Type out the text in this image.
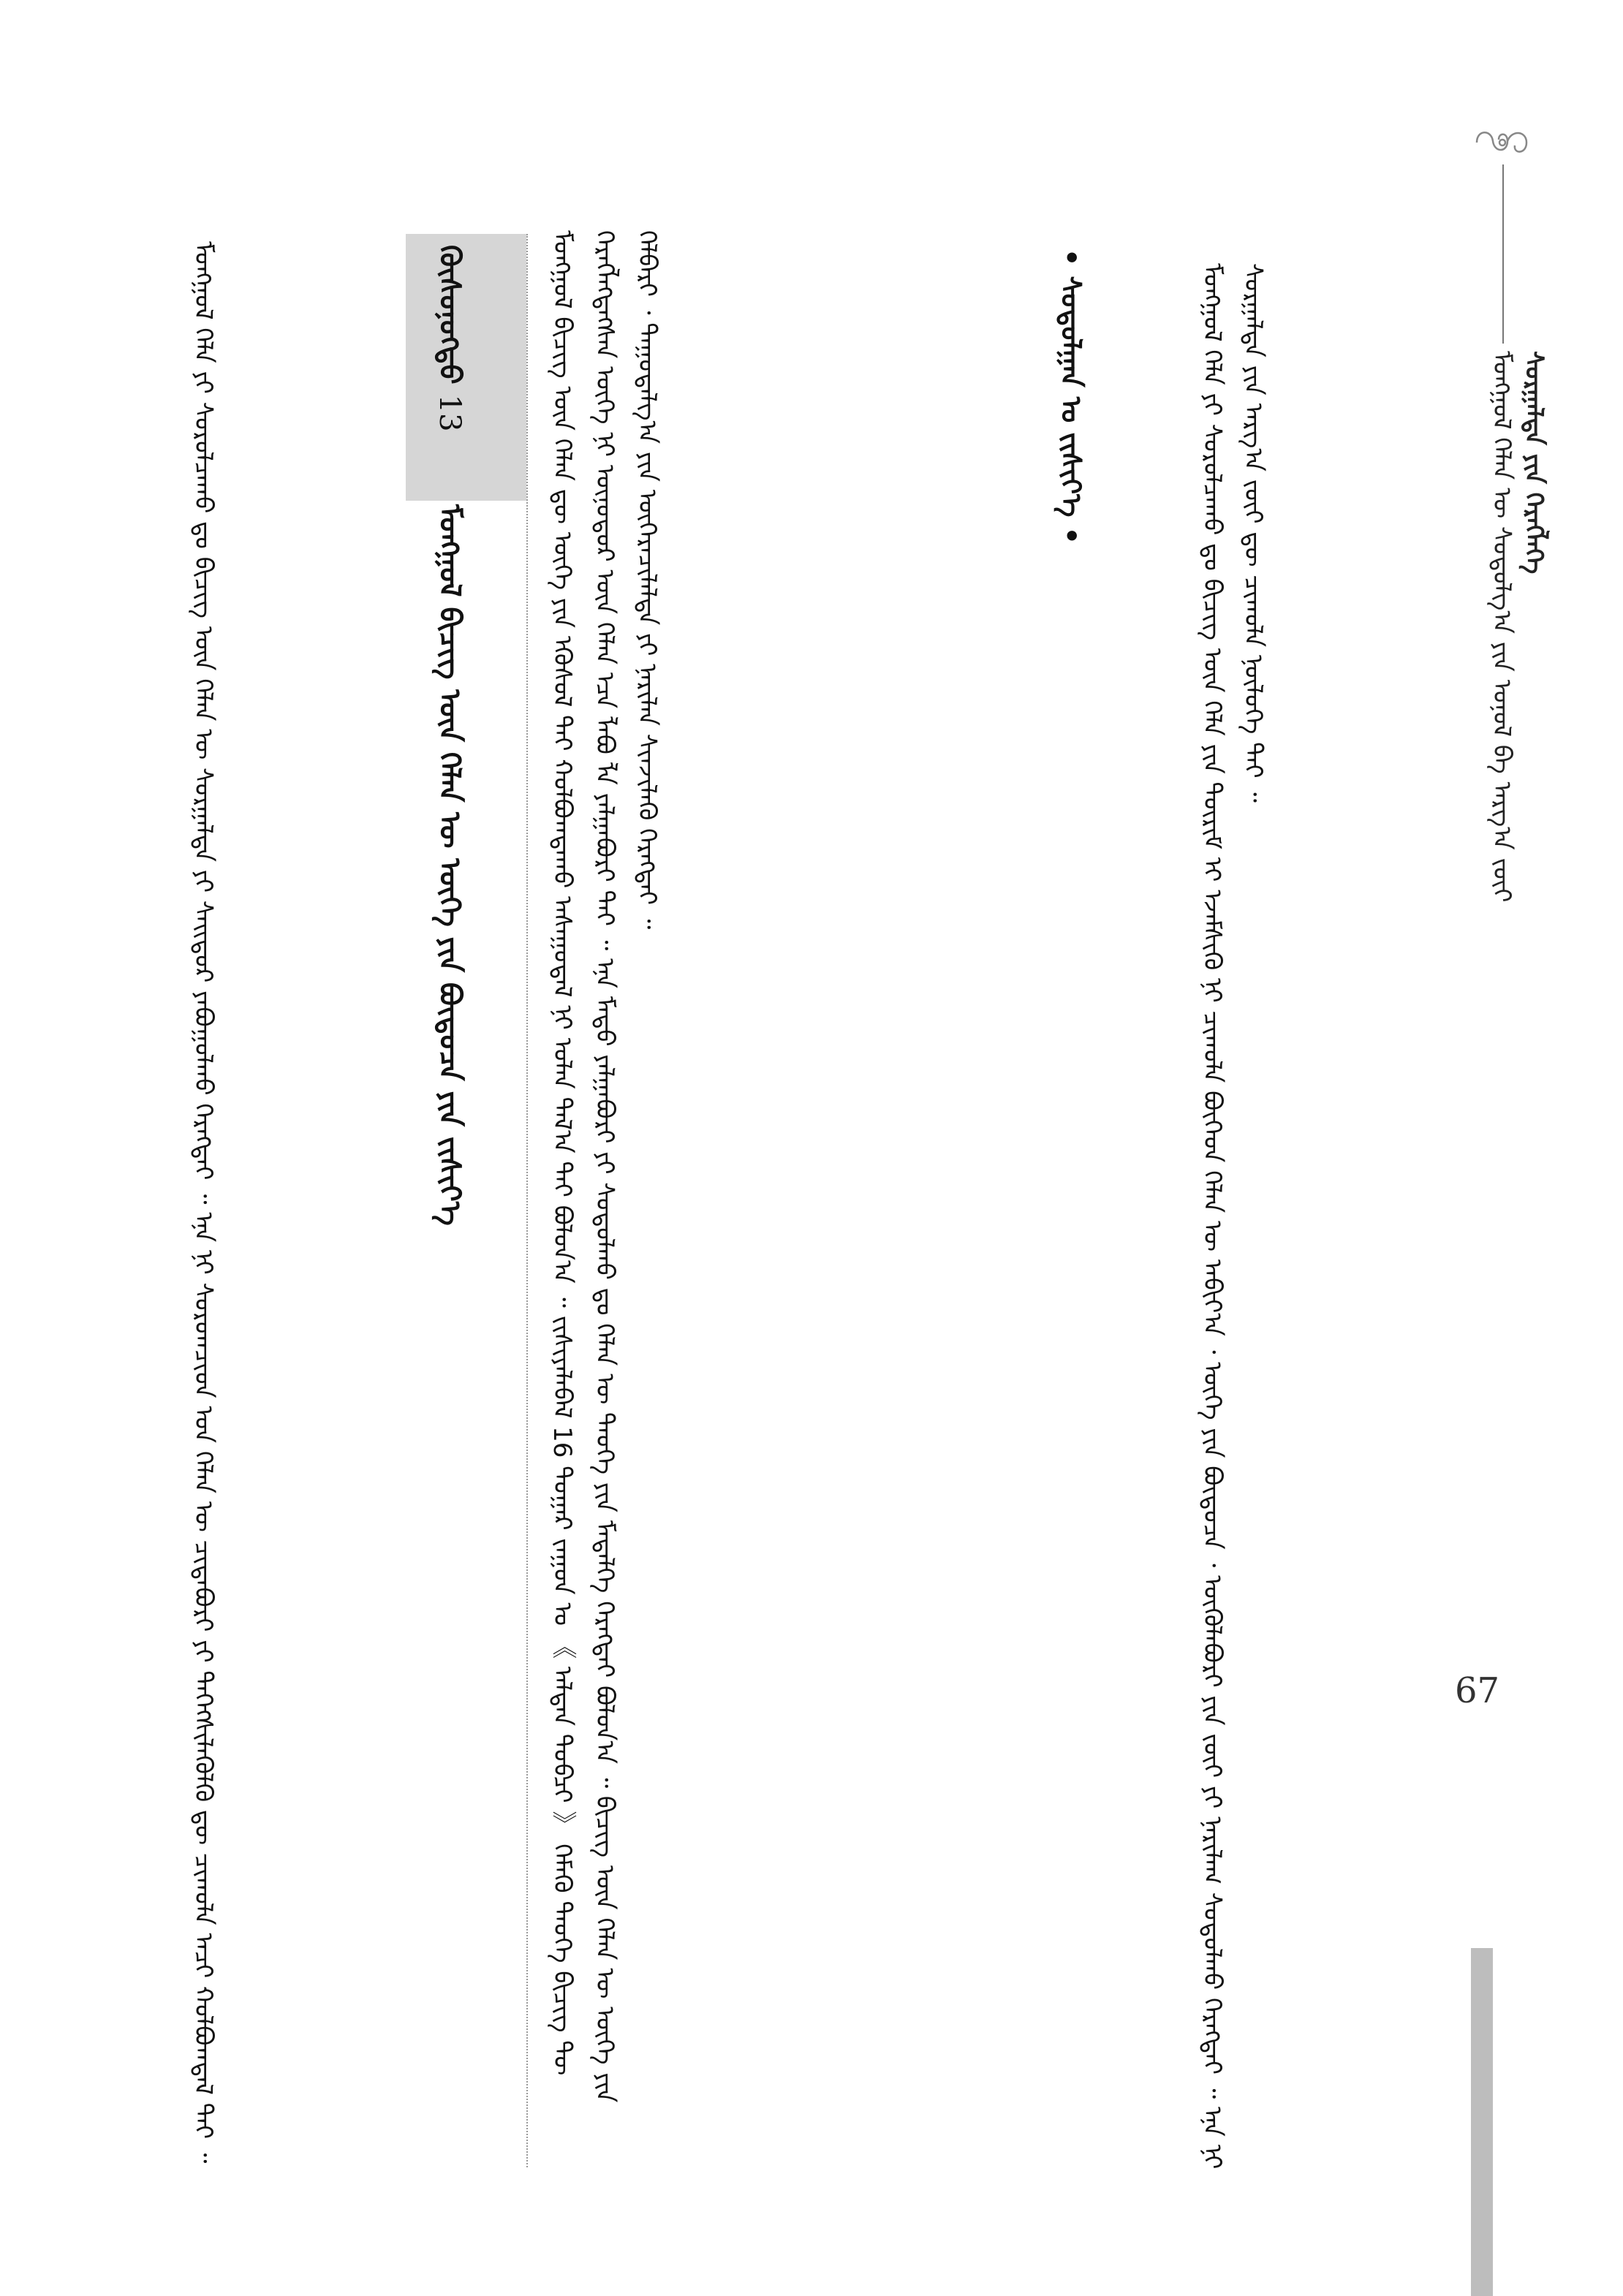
ᠮᠣᠩᠭᠣᠯ ᠬᠡᠯᠡᠨ ᠦ ᠰᠤᠳᠤᠯᠭ᠎ᠠ ᠶᠢᠨ ᠣᠨᠣᠯ ᠪᠠ ᠠᠷᠭ᠎ᠠ ᠵᠦᠢ ᠰᠤᠷᠭᠠᠯᠲᠠ ᠶᠢᠨ ᠬᠡᠷᠡᠭᠯᠡᠭᠡ
ᠮᠣᠩᠭᠣᠯ ᠬᠡᠯᠡ ᠶᠢ ᠰᠤᠷᠤᠯᠴᠠᠬᠤ ᠳᠤ ᠪᠢᠴᠢᠭ ᠦᠨ ᠬᠡᠯᠡ ᠶᠢᠨ ᠳᠦᠷᠢᠮ ᠢ ᠡᠵᠡᠮᠰᠢᠬᠦ ᠨᠢ ᠴᠢᠬᠤᠯᠠ ᠪᠥᠭᠡᠳ ᠬᠡᠯᠡᠨ ᠦ ᠠᠪᠢᠶ᠎ᠠ ᠂ ᠦᠭᠡ ᠶᠢᠨ ᠪᠦᠲᠦᠴᠡ ᠂ ᠦᠭᠦᠯᠡᠪᠦᠷᠢ ᠶᠢᠨ ᠵᠦᠢ ᠶᠢ ᠨᠠᠷᠢᠯᠠᠭ ᠰᠤᠳᠤᠯᠬᠤ ᠬᠡᠷᠡᠭᠲᠡᠢ ᠃ ᠡᠨᠡ ᠨᠢ ᠰᠤᠷᠭᠠᠯᠲᠠ ᠶᠢᠨ ᠠᠷᠭ᠎ᠠ ᠵᠦᠢ ᠳᠦ ᠴᠢᠬᠤᠯᠠ ᠨᠥᠯᠥᠭᠡ ᠲᠡᠢ ᠃
• ᠰᠤᠳᠤᠯᠭᠠᠨ ᠤ ᠵᠢᠱᠢᠶ᠎ᠡ •
ᠮᠣᠩᠭᠣᠯ ᠪᠢᠴᠢᠭ ᠦᠨ ᠬᠡᠯᠡᠨ ᠳᠦ ᠦᠭᠡ ᠶᠢᠨ ᠡᠭᠦᠰᠦᠯ ᠲᠡᠢ ᠬᠣᠯᠪᠣᠭᠳᠠᠬᠤ ᠠᠰᠠᠭᠤᠳᠠᠯ ᠨᠢ ᠣᠯᠠᠨ ᠲᠠᠯ᠎ᠠ ᠲᠠᠢ ᠪᠣᠯᠤᠨ᠎ᠠ ᠃ ᠵᠢᠱᠢᠶᠡᠯᠡᠪᠡᠯ 16 ᠳᠤᠭᠠᠷ ᠵᠠᠭᠤᠨ ᠤ 《 ᠠᠯᠲᠠᠨ ᠲᠣᠪᠴᠢ 》 ᠬᠡᠮᠡᠬᠦ ᠲᠡᠦᠬᠡ ᠪᠢᠴᠢᠭ ᠲᠦ ᠬᠡᠷᠡᠭᠯᠡᠭᠳᠡᠭᠰᠡᠨ ᠦᠭᠡ ᠨᠢ ᠥᠨᠥᠳᠥᠷ ᠦᠨ ᠬᠡᠯᠡᠨ ᠡᠴᠡ ᠯᠠᠪᠤ ᠯᠠ ᠶᠠᠯᠭᠠᠪᠤᠷᠢ ᠲᠠᠢ ᠃ ᠡᠨᠡ ᠮᠡᠲᠦ ᠶᠠᠯᠭᠠᠪᠤᠷᠢ ᠶᠢ ᠰᠤᠳᠤᠯᠬᠤ ᠳᠤ ᠬᠡᠯᠡᠨ ᠦ ᠲᠡᠦᠬᠡ ᠶᠢᠨ ᠮᠡᠳᠡᠯᠭᠡ ᠬᠡᠷᠡᠭᠲᠡᠢ ᠪᠣᠯᠤᠨ᠎ᠠ ᠃ ᠪᠢᠴᠢᠭ ᠦᠨ ᠬᠡᠯᠡᠨ ᠦ ᠦᠭᠡ ᠶᠢᠨ ᠬᠡᠯᠪᠡᠷᠢ ᠂ ᠳᠠᠭᠤᠳᠠᠯᠭ᠎ᠠ ᠶᠢᠨ ᠥᠭᠡᠷᠡᠴᠢᠯᠡᠯᠲᠡ ᠶᠢ ᠨᠠᠷᠢᠯᠠᠨ ᠰᠢᠨᠵᠢᠯᠡᠬᠦ ᠬᠡᠷᠡᠭᠲᠡᠢ ᠃
ᠬᠦᠰᠦᠨᠦᠭᠲᠦ 13
ᠮᠣᠩᠭᠣᠯ ᠪᠢᠴᠢᠭ ᠦᠨ ᠬᠡᠯᠡᠨ ᠦ ᠦᠭᠡ ᠶᠢᠨ ᠪᠦᠲᠦᠴᠡ ᠶᠢᠨ ᠵᠢᠱᠢᠶ᠎ᠡ
ᠮᠣᠩᠭᠣᠯ ᠬᠡᠯᠡ ᠶᠢ ᠰᠤᠷᠤᠯᠴᠠᠬᠤ ᠳᠤ ᠪᠢᠴᠢᠭ ᠦᠨ ᠬᠡᠯᠡᠨ ᠦ ᠰᠤᠷᠭᠠᠯᠲᠠ ᠶᠢ ᠰᠠᠢᠲᠤᠷ ᠶᠠᠪᠤᠭᠤᠯᠬᠤ ᠬᠡᠷᠡᠭᠲᠡᠢ ᠃ ᠡᠨᠡ ᠨᠢ ᠰᠤᠷᠤᠭᠴᠢᠳ ᠤᠨ ᠬᠡᠯᠡᠨ ᠦ ᠴᠢᠳᠠᠪᠤᠷᠢ ᠶᠢ ᠳᠡᠭᠡᠭᠰᠢᠯᠡᠭᠦᠯᠬᠦ ᠳᠦ ᠴᠢᠬᠤᠯᠠ ᠠᠴᠢ ᠬᠣᠯᠪᠣᠭᠳᠠᠯ ᠲᠠᠢ ᠃	67
